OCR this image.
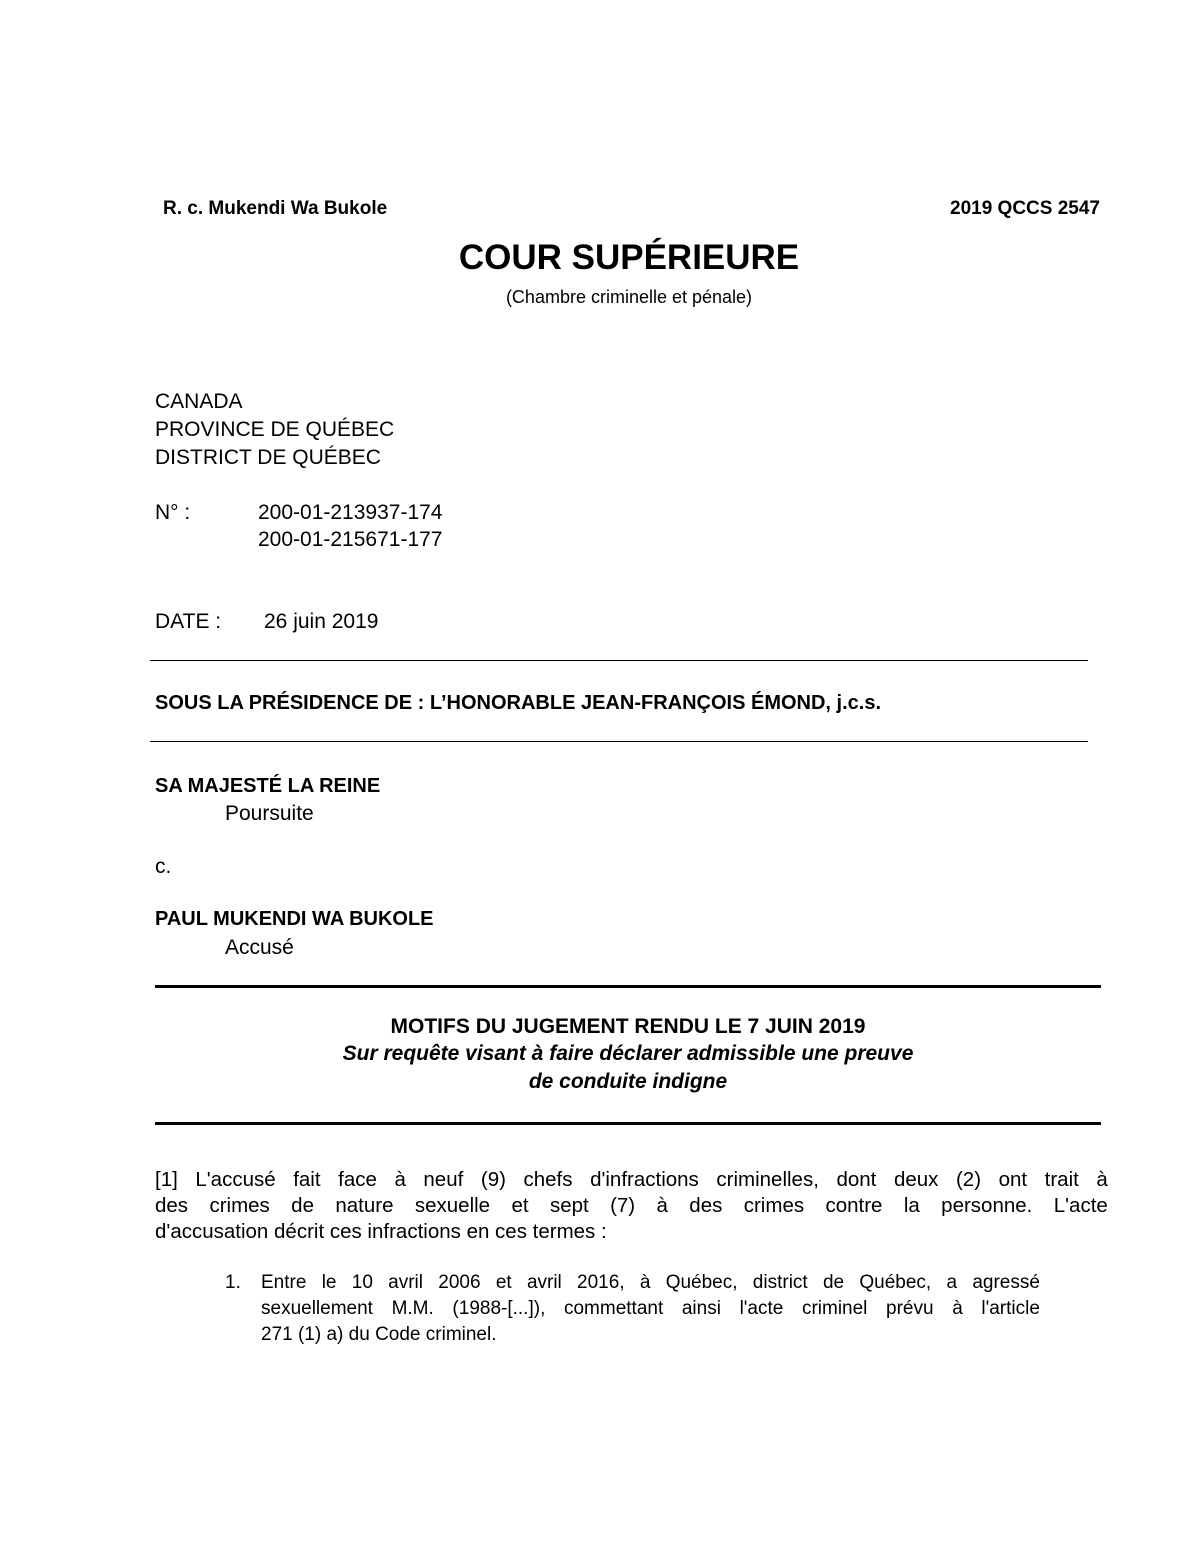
R. c. Mukendi Wa Bukole	2019 QCCS 2547
COUR SUPÉRIEURE
(Chambre criminelle et pénale)
CANADA
PROVINCE DE QUÉBEC
DISTRICT DE QUÉBEC
N° :	200-01-213937-174
200-01-215671-177
DATE : 26 juin 2019
SOUS LA PRÉSIDENCE DE : L’HONORABLE JEAN-FRANÇOIS ÉMOND, j.c.s.
SA MAJESTÉ LA REINE
Poursuite
c.
PAUL MUKENDI WA BUKOLE
Accusé
MOTIFS DU JUGEMENT RENDU LE 7 JUIN 2019
Sur requête visant à faire déclarer admissible une preuve
de conduite indigne
[1] L'accusé fait face à neuf (9) chefs d'infractions criminelles, dont deux (2) ont trait à
des crimes de nature sexuelle et sept (7) à des crimes contre la personne. L'acte
d'accusation décrit ces infractions en ces termes :
1. Entre le 10 avril 2006 et avril 2016, à Québec, district de Québec, a agressé
sexuellement M.M. (1988-[...]), commettant ainsi l'acte criminel prévu à l'article
271 (1) a) du Code criminel.
